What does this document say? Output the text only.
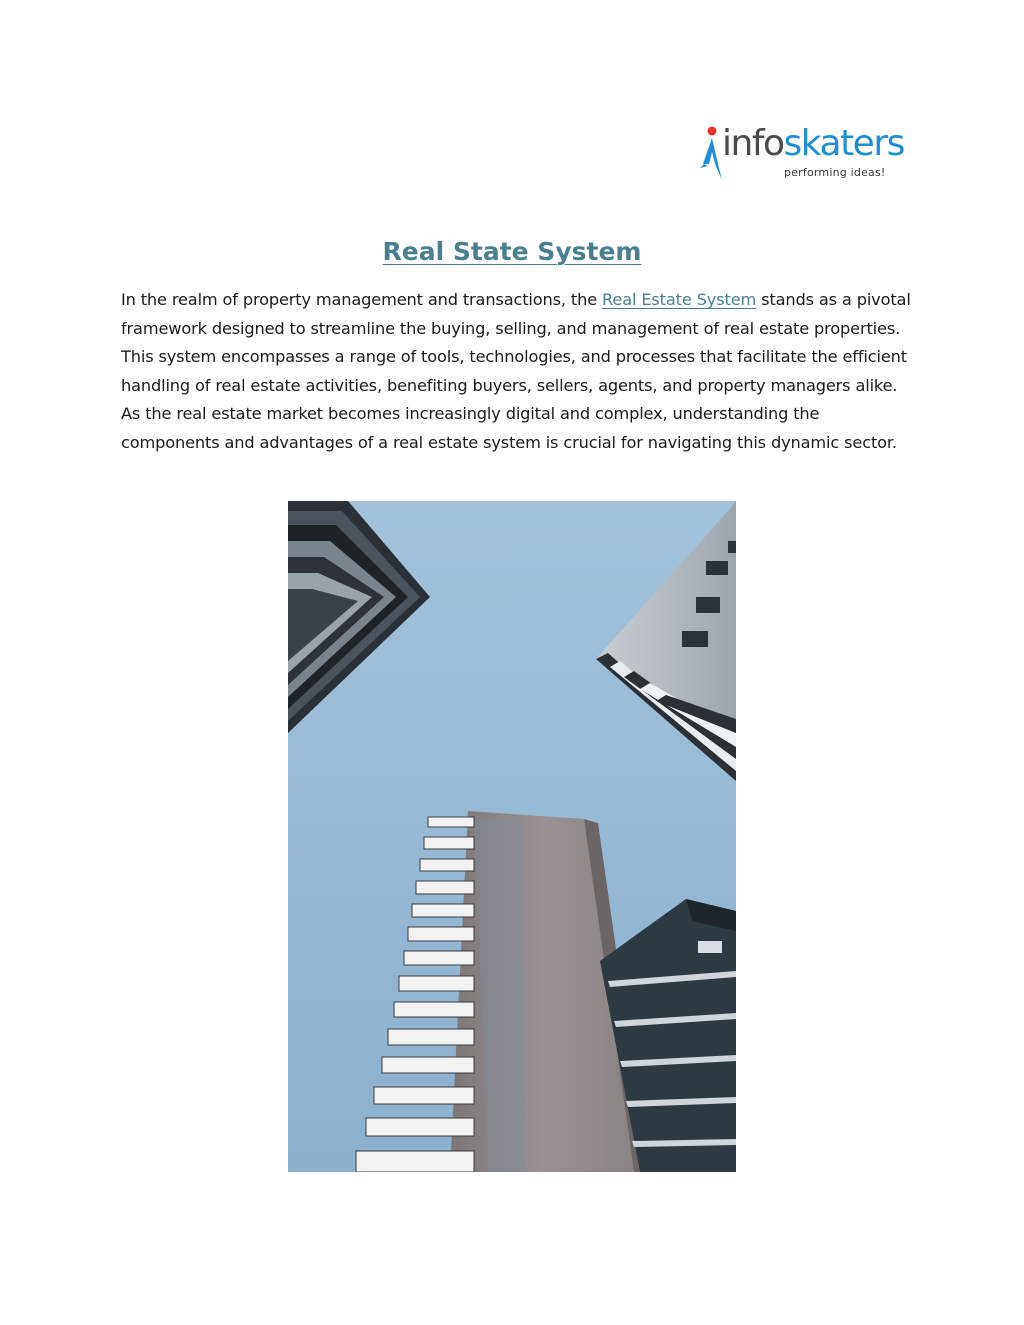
infoskaters
performing ideas!
Real State System

In the realm of property management and transactions, the Real Estate System stands as a pivotal framework designed to streamline the buying, selling, and management of real estate properties. This system encompasses a range of tools, technologies, and processes that facilitate the efficient handling of real estate activities, benefiting buyers, sellers, agents, and property managers alike. As the real estate market becomes increasingly digital and complex, understanding the components and advantages of a real estate system is crucial for navigating this dynamic sector.
